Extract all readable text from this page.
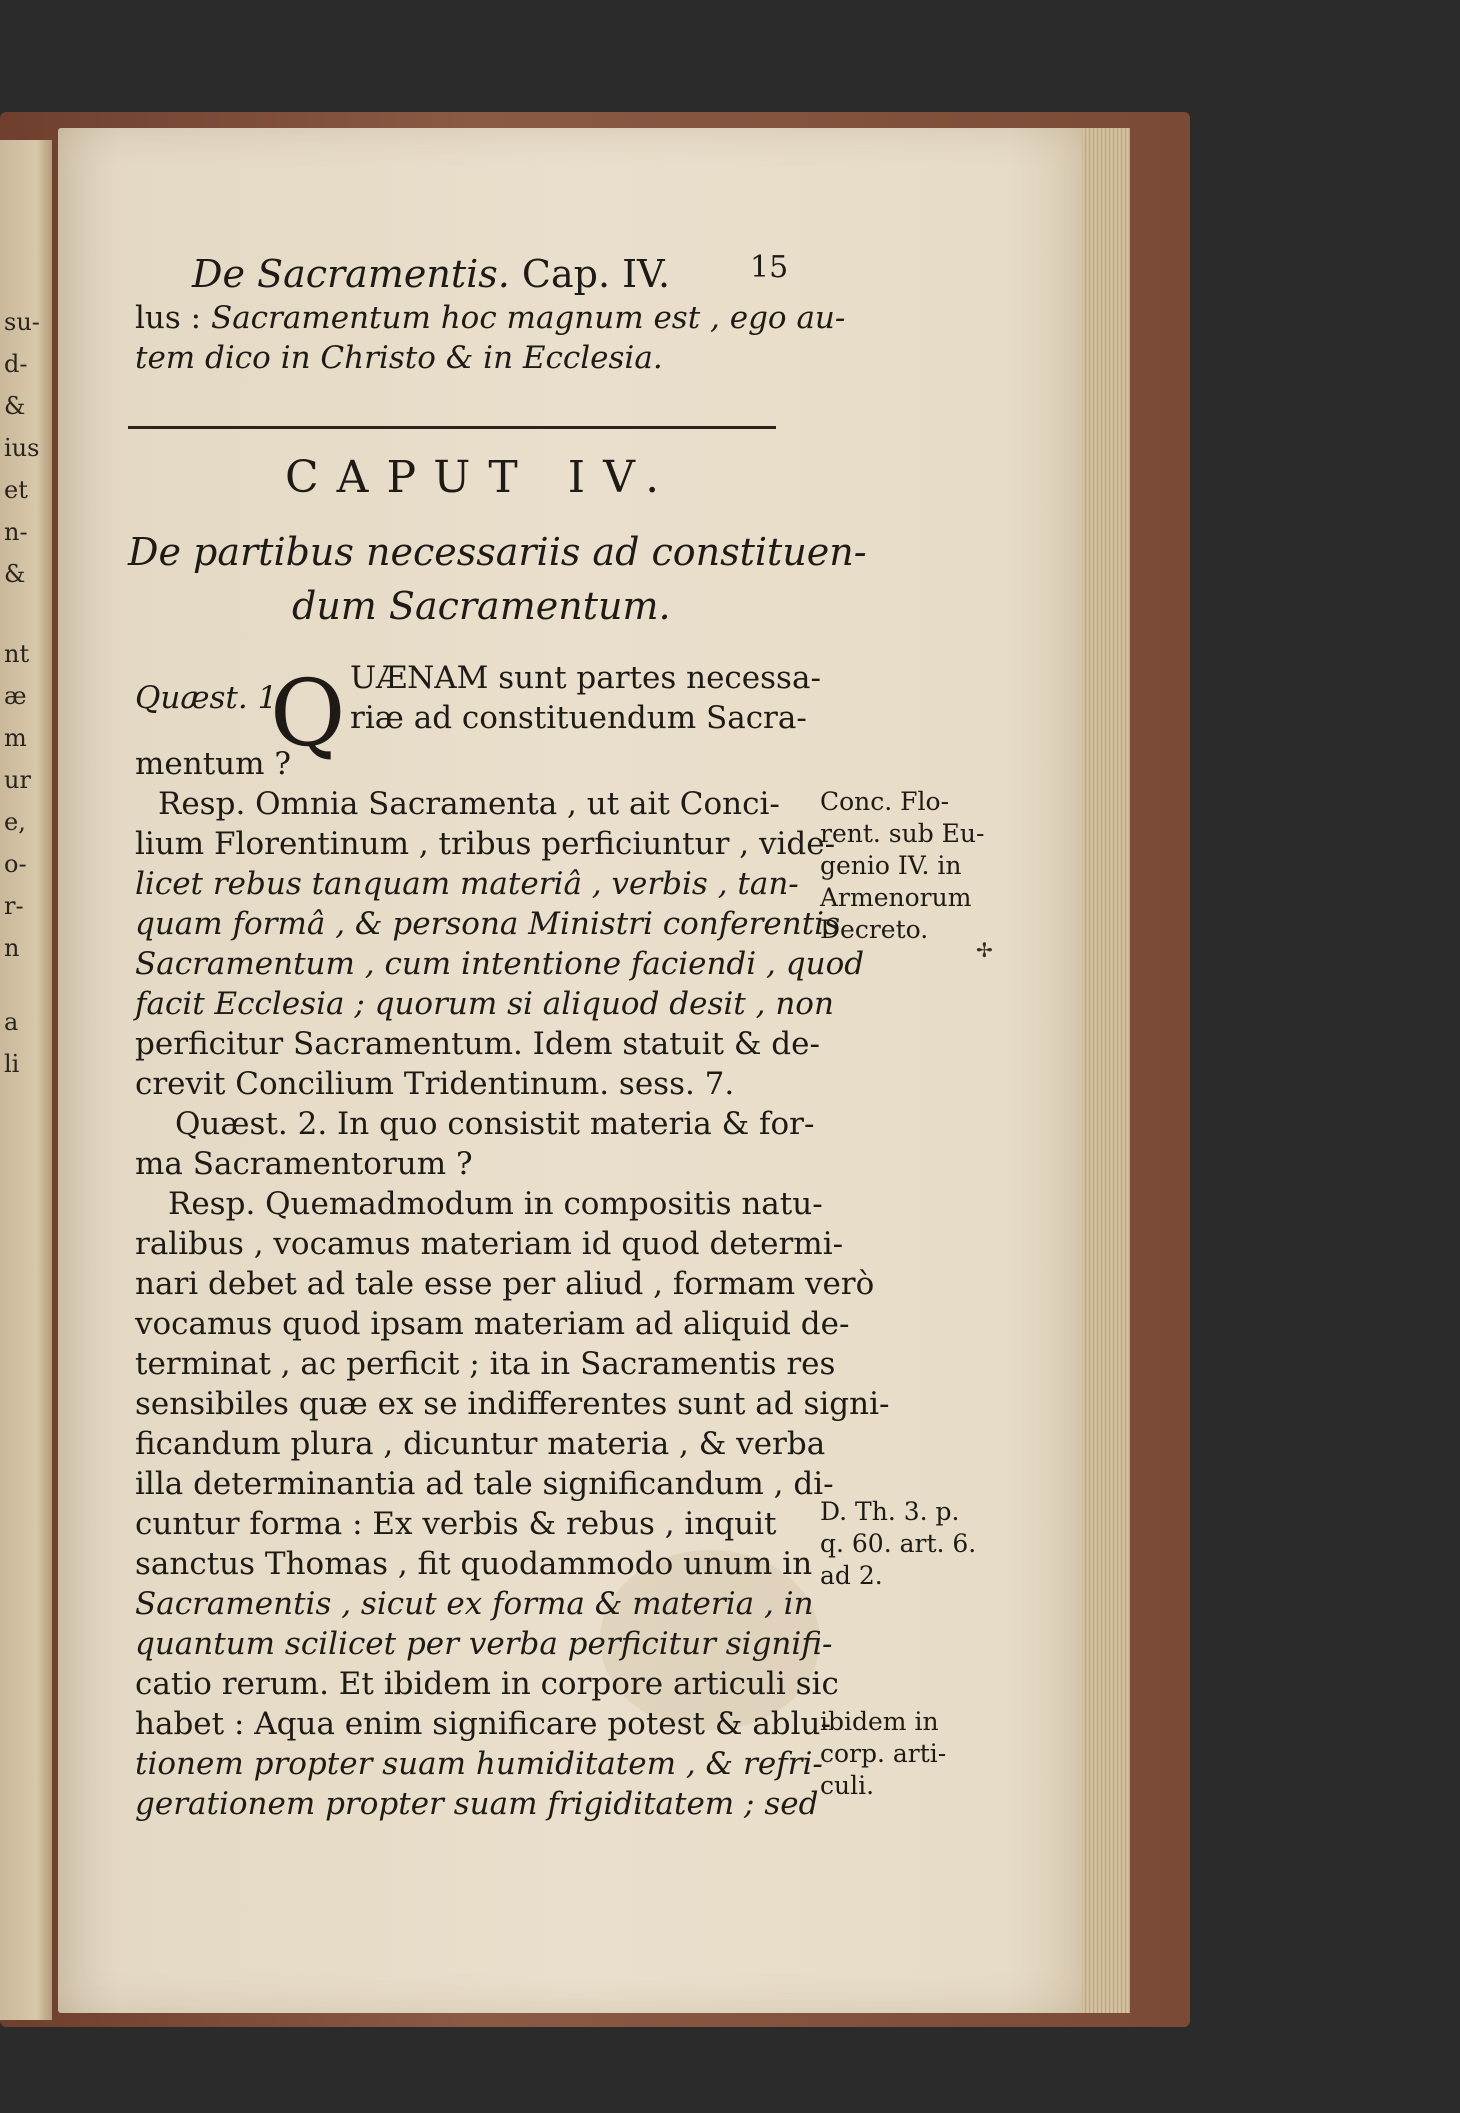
su-
d-
&
ius
et
n-
&
nt
æ
m
ur
e,
o-
r-
n
a
li
De Sacramentis. Cap. IV.	15
lus : Sacramentum hoc magnum est , ego au-
tem dico in Christo & in Ecclesia.
CAPUT IV.
De partibus necessariis ad constituen-
dum Sacramentum.
Quæst. 1.
Q UÆNAM sunt partes necessa-
riæ ad constituendum Sacra-
mentum ?
Resp. Omnia Sacramenta , ut ait Conci-
lium Florentinum , tribus perficiuntur , vide-
licet rebus tanquam materiâ , verbis , tan-
quam formâ , & persona Ministri conferentis
Sacramentum , cum intentione faciendi , quod
facit Ecclesia ; quorum si aliquod desit , non
perficitur Sacramentum. Idem statuit & de-
crevit Concilium Tridentinum. sess. 7.
Quæst. 2. In quo consistit materia & for-
ma Sacramentorum ?
Resp. Quemadmodum in compositis natu-
ralibus , vocamus materiam id quod determi-
nari debet ad tale esse per aliud , formam verò
vocamus quod ipsam materiam ad aliquid de-
terminat , ac perficit ; ita in Sacramentis res
sensibiles quæ ex se indifferentes sunt ad signi-
ficandum plura , dicuntur materia , & verba
illa determinantia ad tale significandum , di-
cuntur forma : Ex verbis & rebus , inquit
sanctus Thomas , fit quodammodo unum in
Sacramentis , sicut ex forma & materia , in
quantum scilicet per verba perficitur signifi-
catio rerum. Et ibidem in corpore articuli sic
habet : Aqua enim significare potest & ablu-
tionem propter suam humiditatem , & refri-
gerationem propter suam frigiditatem ; sed
Conc. Flo-
rent. sub Eu-
genio IV. in
Armenorum
Decreto.
✢
D. Th. 3. p.
q. 60. art. 6.
ad 2.
ibidem in
corp. arti-
culi.
